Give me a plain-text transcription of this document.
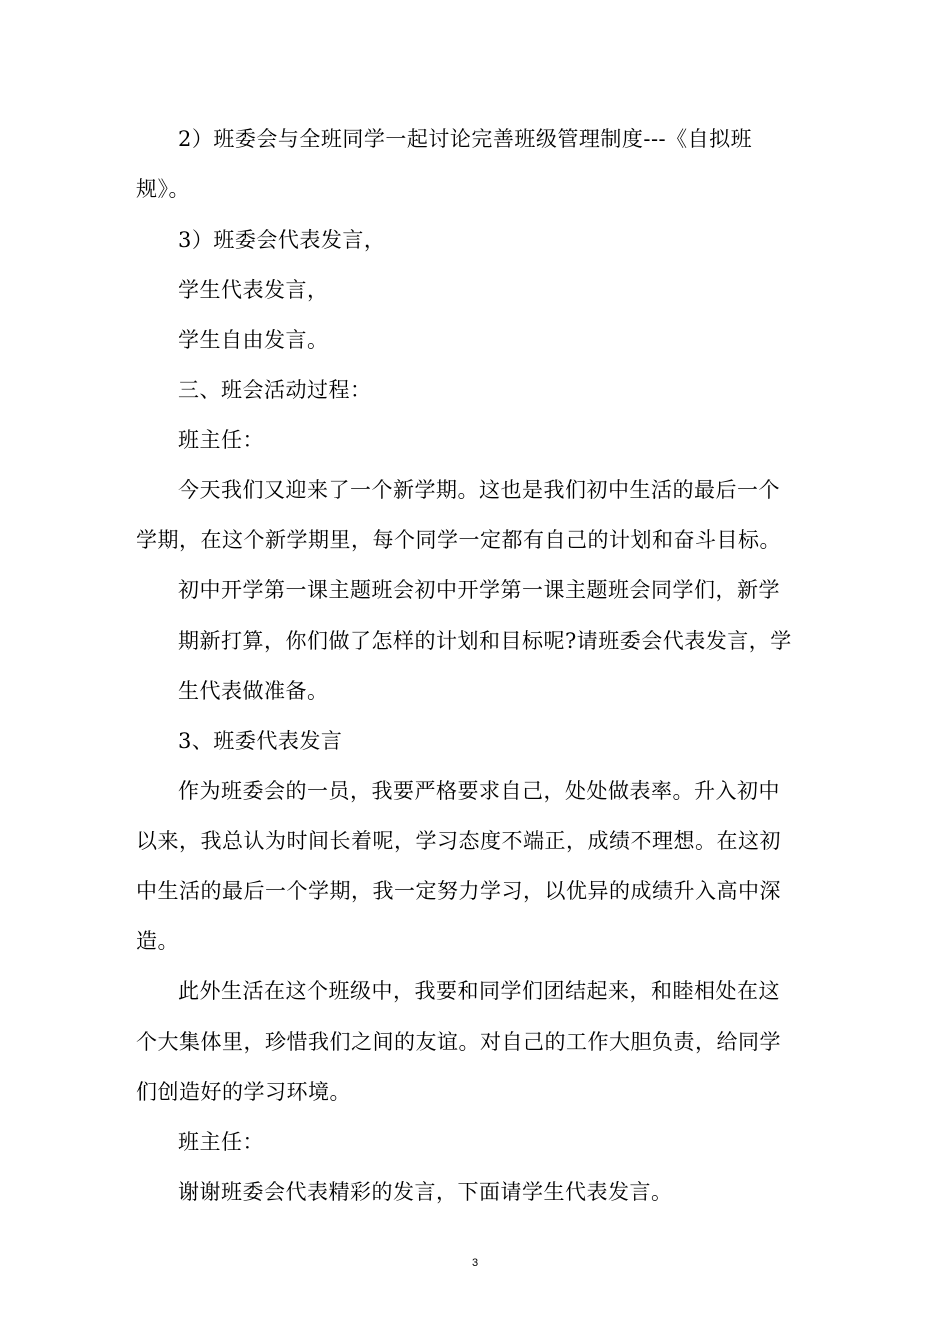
2）班委会与全班同学一起讨论完善班级管理制度---《自拟班
规》。
3）班委会代表发言，
学生代表发言，
学生自由发言。
三、班会活动过程：
班主任：
今天我们又迎来了一个新学期。这也是我们初中生活的最后一个
学期，在这个新学期里，每个同学一定都有自己的计划和奋斗目标。
初中开学第一课主题班会初中开学第一课主题班会同学们，新学
期新打算，你们做了怎样的计划和目标呢?请班委会代表发言，学
生代表做准备。
3、班委代表发言
作为班委会的一员，我要严格要求自己，处处做表率。升入初中
以来，我总认为时间长着呢，学习态度不端正，成绩不理想。在这初
中生活的最后一个学期，我一定努力学习，以优异的成绩升入高中深
造。
此外生活在这个班级中，我要和同学们团结起来，和睦相处在这
个大集体里，珍惜我们之间的友谊。对自己的工作大胆负责，给同学
们创造好的学习环境。
班主任：
谢谢班委会代表精彩的发言，下面请学生代表发言。
3
